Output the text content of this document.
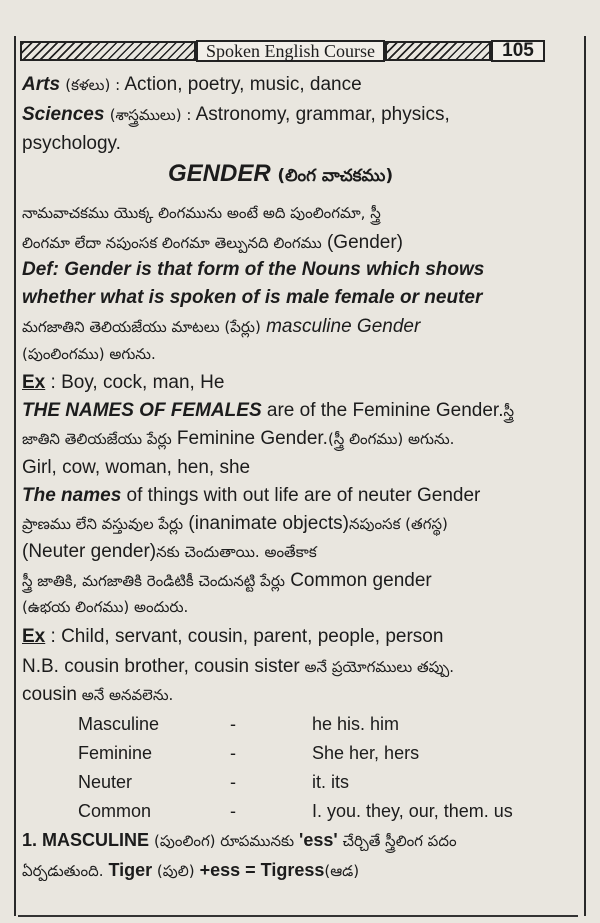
Spoken English Course	105
Arts (కళలు) : Action, poetry, music, dance
Sciences (శాస్త్రములు) : Astronomy, grammar, physics,
psychology.
GENDER (లింగ వాచకము)
నామవాచకము యొక్క లింగమును అంటే అది పుంలింగమా, స్త్రీ
లింగమా లేదా నపుంసక లింగమా తెల్పునది లింగము (Gender)
Def: Gender is that form of the Nouns which shows
whether what is spoken of is male female or neuter
మగజాతిని తెలియజేయు మాటలు (పేర్లు) masculine Gender
(పుంలింగము) అగును.
Ex : Boy, cock, man, He
THE NAMES OF FEMALES are of the Feminine Gender.స్త్రీ
జాతిని తెలియజేయు పేర్లు Feminine Gender.(స్త్రీ లింగము) అగును.
Girl, cow, woman, hen, she
The names of things with out life are of neuter Gender
ప్రాణము లేని వస్తువుల పేర్లు (inanimate objects)నపుంసక (తగస్థ)
(Neuter gender)నకు చెందుతాయి. అంతేకాక
స్త్రీ జాతికి, మగజాతికి రెండిటికీ చెందునట్టి పేర్లు Common gender
(ఉభయ లింగము) అందురు.
Ex : Child, servant, cousin, parent, people, person
N.B. cousin brother, cousin sister అనే ప్రయోగములు తప్పు.
cousin అనే అనవలెను.
Masculine	-	he his. him
Feminine	-	She her, hers
Neuter	-	it. its
Common	-	I. you. they, our, them. us
1. MASCULINE (పుంలింగ) రూపమునకు 'ess' చేర్చితే స్త్రీలింగ పదం
ఏర్పడుతుంది. Tiger (పులి) +ess = Tigress(ఆడ)
